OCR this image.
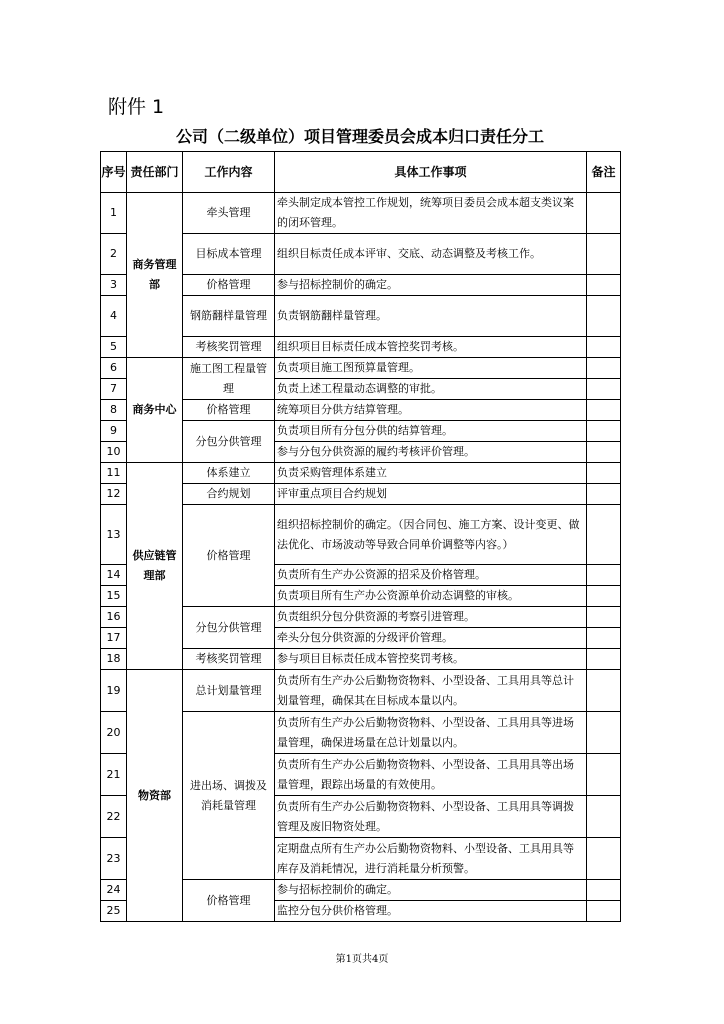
附件 1
公司（二级单位）项目管理委员会成本归口责任分工
序号	责任部门	工作内容	具体工作事项	备注
1	商务管理部	牵头管理	牵头制定成本管控工作规划，统筹项目委员会成本超支类议案的闭环管理。	
2		目标成本管理	组织目标责任成本评审、交底、动态调整及考核工作。	
3		价格管理	参与招标控制价的确定。	
4		钢筋翻样量管理	负责钢筋翻样量管理。	
5		考核奖罚管理	组织项目目标责任成本管控奖罚考核。	
6	商务中心	施工图工程量管理	负责项目施工图预算量管理。	
7			负责上述工程量动态调整的审批。	
8		价格管理	统筹项目分供方结算管理。	
9		分包分供管理	负责项目所有分包分供的结算管理。	
10			参与分包分供资源的履约考核评价管理。	
11	供应链管理部	体系建立	负责采购管理体系建立	
12		合约规划	评审重点项目合约规划	
13		价格管理	组织招标控制价的确定。（因合同包、施工方案、设计变更、做法优化、市场波动等导致合同单价调整等内容。）	
14			负责所有生产办公资源的招采及价格管理。	
15			负责项目所有生产办公资源单价动态调整的审核。	
16		分包分供管理	负责组织分包分供资源的考察引进管理。	
17			牵头分包分供资源的分级评价管理。	
18		考核奖罚管理	参与项目目标责任成本管控奖罚考核。	
19	物资部	总计划量管理	负责所有生产办公后勤物资物料、小型设备、工具用具等总计划量管理，确保其在目标成本量以内。	
20		进出场、调拨及消耗量管理	负责所有生产办公后勤物资物料、小型设备、工具用具等进场量管理，确保进场量在总计划量以内。	
21			负责所有生产办公后勤物资物料、小型设备、工具用具等出场量管理，跟踪出场量的有效使用。	
22			负责所有生产办公后勤物资物料、小型设备、工具用具等调拨管理及废旧物资处理。	
23			定期盘点所有生产办公后勤物资物料、小型设备、工具用具等库存及消耗情况，进行消耗量分析预警。	
24		价格管理	参与招标控制价的确定。	
25			监控分包分供价格管理。	
第1页共4页
